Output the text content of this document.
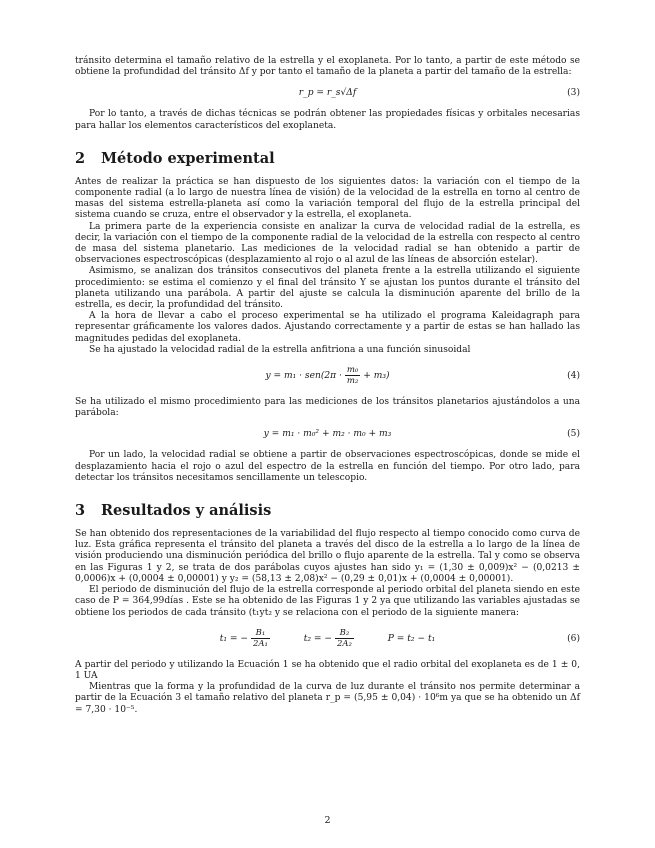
tránsito determina el tamaño relativo de la estrella y el exoplaneta. Por lo tanto, a partir de este método se obtiene la profundidad del tránsito Δf y por tanto el tamaño de la planeta a partir del tamaño de la estrella:

r_p = r_s√Δf	(3)

Por lo tanto, a través de dichas técnicas se podrán obtener las propiedades físicas y orbitales necesarias para hallar los elementos característicos del exoplaneta.

2 Método experimental

Antes de realizar la práctica se han dispuesto de los siguientes datos: la variación con el tiempo de la componente radial (a lo largo de nuestra línea de visión) de la velocidad de la estrella en torno al centro de masas del sistema estrella-planeta así como la variación temporal del flujo de la estrella principal del sistema cuando se cruza, entre el observador y la estrella, el exoplaneta.

La primera parte de la experiencia consiste en analizar la curva de velocidad radial de la estrella, es decir, la variación con el tiempo de la componente radial de la velocidad de la estrella con respecto al centro de masa del sistema planetario. Las mediciones de la velocidad radial se han obtenido a partir de observaciones espectroscópicas (desplazamiento al rojo o al azul de las líneas de absorción estelar).

Asimismo, se analizan dos tránsitos consecutivos del planeta frente a la estrella utilizando el siguiente procedimiento: se estima el comienzo y el final del tránsito Y se ajustan los puntos durante el tránsito del planeta utilizando una parábola. A partir del ajuste se calcula la disminución aparente del brillo de la estrella, es decir, la profundidad del tránsito.

A la hora de llevar a cabo el proceso experimental se ha utilizado el programa Kaleidagraph para representar gráficamente los valores dados. Ajustando correctamente y a partir de estas se han hallado las magnitudes pedidas del exoplaneta.

Se ha ajustado la velocidad radial de la estrella anfitriona a una función sinusoidal

$y = m_1 \cdot sen(2\pi \cdot \frac{\text{m₀}}{\text{m₂}} + m_3)$	(4)

Se ha utilizado el mismo procedimiento para las mediciones de los tránsitos planetarios ajustándolos a una parábola:

y = m₁ · m₀² + m₂ · m₀ + m₃	(5)

Por un lado, la velocidad radial se obtiene a partir de observaciones espectroscópicas, donde se mide el desplazamiento hacia el rojo o azul del espectro de la estrella en función del tiempo. Por otro lado, para detectar los tránsitos necesitamos sencillamente un telescopio.

3 Resultados y análisis

Se han obtenido dos representaciones de la variabilidad del flujo respecto al tiempo conocido como curva de luz. Esta gráfica representa el tránsito del planeta a través del disco de la estrella a lo largo de la línea de visión produciendo una disminución periódica del brillo o flujo aparente de la estrella. Tal y como se observa en las Figuras 1 y 2, se trata de dos parábolas cuyos ajustes han sido y₁ = (1,30 ± 0,009)x² − (0,0213 ± 0,0006)x + (0,0004 ± 0,00001) y y₂ = (58,13 ± 2,08)x² − (0,29 ± 0,01)x + (0,0004 ± 0,00001).

El periodo de disminución del flujo de la estrella corresponde al periodo orbital del planeta siendo en este caso de P = 364,99días . Este se ha obtenido de las Figuras 1 y 2 ya que utilizando las variables ajustadas se obtiene los periodos de cada tránsito (t₁yt₂ y se relaciona con el periodo de la siguiente manera:

t₁ = − $\frac{\text{B₁}}{\text{2A₁}}$	t₂ = − $\frac{\text{B₂}}{\text{2A₂}}$	P = t₂ − t₁	(6)

A partir del periodo y utilizando la Ecuación 1 se ha obtenido que el radio orbital del exoplaneta es de 1 ± 0, 1 UA

Mientras que la forma y la profundidad de la curva de luz durante el tránsito nos permite determinar a partir de la Ecuación 3 el tamaño relativo del planeta r_p = (5,95 ± 0,04) · 10⁶m ya que se ha obtenido un Δf = 7,30 · 10⁻⁵.

2
